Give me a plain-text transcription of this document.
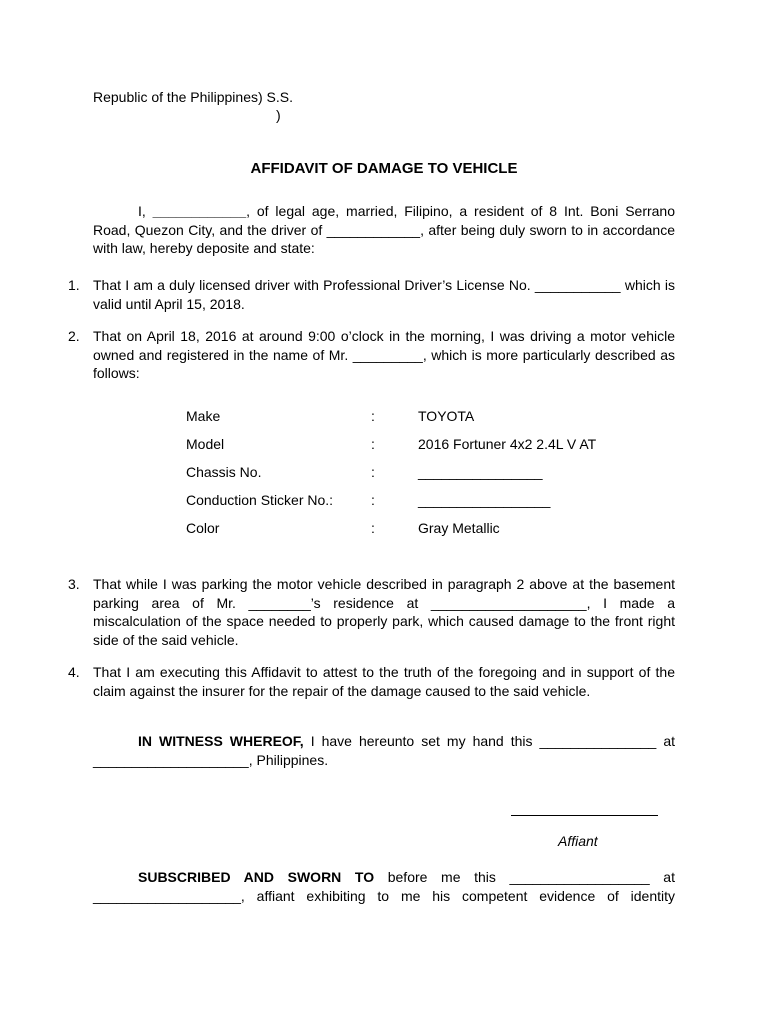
Republic of the Philippines) S.S.
)
AFFIDAVIT OF DAMAGE TO VEHICLE
I, ____________, of legal age, married, Filipino, a resident of 8 Int. Boni Serrano Road, Quezon City, and the driver of ____________, after being duly sworn to in accordance with law, hereby deposite and state:
1. That I am a duly licensed driver with Professional Driver’s License No. ___________ which is valid until April 15, 2018.
2. That on April 18, 2016 at around 9:00 o’clock in the morning, I was driving a motor vehicle owned and registered in the name of Mr. _________, which is more particularly described as follows:
Make	:	TOYOTA
Model	:	2016 Fortuner 4x2 2.4L V AT
Chassis No.	:	________________
Conduction Sticker No.:	:	_________________
Color	:	Gray Metallic
3. That while I was parking the motor vehicle described in paragraph 2 above at the basement parking area of Mr. ________’s residence at ____________________, I made a miscalculation of the space needed to properly park, which caused damage to the front right side of the said vehicle.
4. That I am executing this Affidavit to attest to the truth of the foregoing and in support of the claim against the insurer for the repair of the damage caused to the said vehicle.
IN WITNESS WHEREOF, I have hereunto set my hand this _______________ at ____________________, Philippines.
Affiant
SUBSCRIBED AND SWORN TO before me this __________________ at ___________________, affiant exhibiting to me his competent evidence of identity
